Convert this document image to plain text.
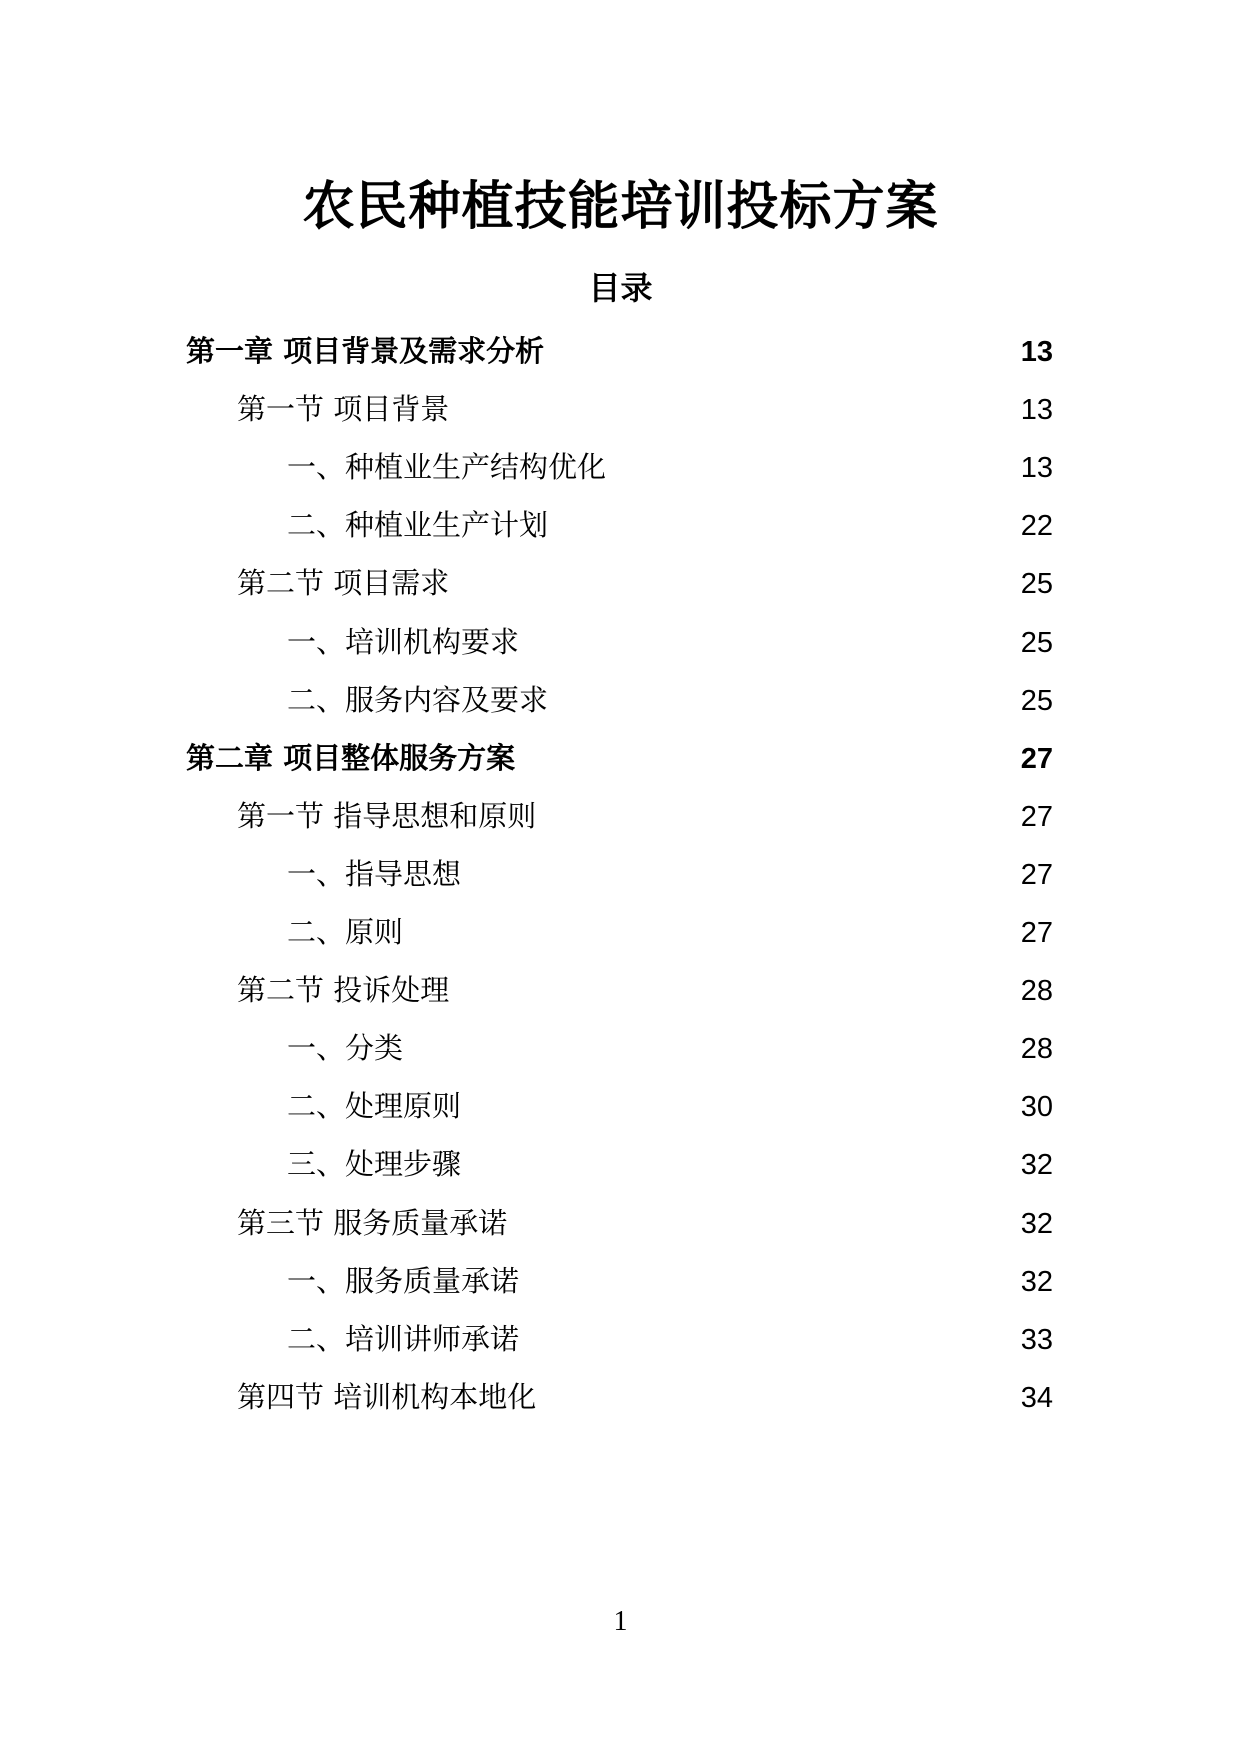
农民种植技能培训投标方案
目录
第一章 项目背景及需求分析	13
第一节 项目背景	13
一、种植业生产结构优化	13
二、种植业生产计划	22
第二节 项目需求	25
一、培训机构要求	25
二、服务内容及要求	25
第二章 项目整体服务方案	27
第一节 指导思想和原则	27
一、指导思想	27
二、原则	27
第二节 投诉处理	28
一、分类	28
二、处理原则	30
三、处理步骤	32
第三节 服务质量承诺	32
一、服务质量承诺	32
二、培训讲师承诺	33
第四节 培训机构本地化	34
1
